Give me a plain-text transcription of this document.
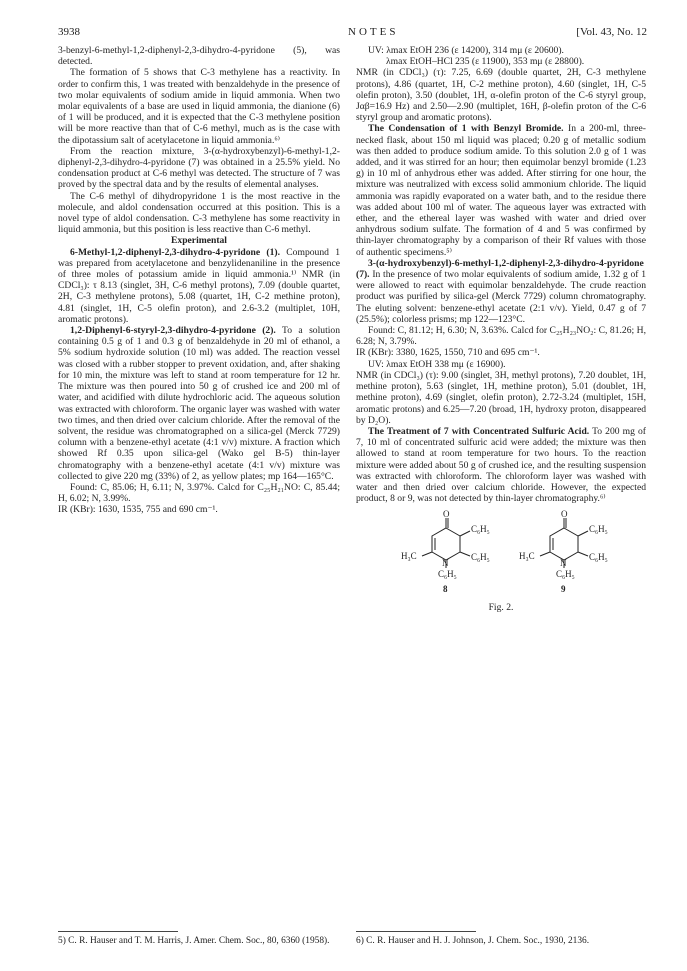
3938	NOTES	[Vol. 43, No. 12

3-benzyl-6-methyl-1,2-diphenyl-2,3-dihydro-4-pyridone (5), was detected.

The formation of 5 shows that C-3 methylene has a reactivity. In order to confirm this, 1 was treated with benzaldehyde in the presence of two molar equivalents of sodium amide in liquid ammonia. When two molar equivalents of a base are used in liquid ammonia, the dianione (6) of 1 will be produced, and it is expected that the C-3 methylene position will be more reactive than that of C-6 methyl, much as is the case with the dipotassium salt of acetylacetone in liquid ammonia.⁶⁾

From the reaction mixture, 3-(α-hydroxybenzyl)-6-methyl-1,2-diphenyl-2,3-dihydro-4-pyridone (7) was obtained in a 25.5% yield. No condensation product at C-6 methyl was detected. The structure of 7 was proved by the spectral data and by the results of elemental analyses.

The C-6 methyl of dihydropyridone 1 is the most reactive in the molecule, and aldol condensation occurred at this position. This is a novel type of aldol condensation. C-3 methylene has some reactivity in liquid ammonia, but this position is less reactive than C-6 methyl.

Experimental

6-Methyl-1,2-diphenyl-2,3-dihydro-4-pyridone (1). Compound 1 was prepared from acetylacetone and benzylidenaniline in the presence of three moles of potassium amide in liquid ammonia.¹⁾ NMR (in CDCl₃): τ 8.13 (singlet, 3H, C-6 methyl protons), 7.09 (double quartet, 2H, C-3 methylene protons), 5.08 (quartet, 1H, C-2 methine proton), 4.81 (singlet, 1H, C-5 olefin proton), and 2.6-3.2 (multiplet, 10H, aromatic protons).

1,2-Diphenyl-6-styryl-2,3-dihydro-4-pyridone (2). To a solution containing 0.5 g of 1 and 0.3 g of benzaldehyde in 20 ml of ethanol, a 5% sodium hydroxide solution (10 ml) was added. The reaction vessel was closed with a rubber stopper to prevent oxidation, and, after shaking for 10 min, the mixture was left to stand at room temperature for 12 hr. The mixture was then poured into 50 g of crushed ice and 200 ml of water, and acidified with dilute hydrochloric acid. The aqueous solution was extracted with chloroform. The organic layer was washed with water two times, and then dried over calcium chloride. After the removal of the solvent, the residue was chromatographed on a silica-gel (Merck 7729) column with a benzene-ethyl acetate (4:1 v/v) mixture. A fraction which showed Rf 0.35 upon silica-gel (Wako gel B-5) thin-layer chromatography with a benzene-ethyl acetate (4:1 v/v) mixture was collected to give 220 mg (33%) of 2, as yellow plates; mp 164—165°C.

Found: C, 85.06; H, 6.11; N, 3.97%. Calcd for C₂₅H₂₁NO: C, 85.44; H, 6.02; N, 3.99%.

IR (KBr): 1630, 1535, 755 and 690 cm⁻¹.

UV: λmax EtOH 236 (ε 14200), 314 mμ (ε 20600).

λmax EtOH–HCl 235 (ε 11900), 353 mμ (ε 28800).

NMR (in CDCl₃) (τ): 7.25, 6.69 (double quartet, 2H, C-3 methylene protons), 4.86 (quartet, 1H, C-2 methine proton), 4.60 (singlet, 1H, C-5 olefin proton), 3.50 (doublet, 1H, α-olefin proton of the C-6 styryl group, Jαβ=16.9 Hz) and 2.50—2.90 (multiplet, 16H, β-olefin proton of the C-6 styryl group and aromatic protons).

The Condensation of 1 with Benzyl Bromide. In a 200-ml, three-necked flask, about 150 ml liquid was placed; 0.20 g of metallic sodium was then added to produce sodium amide. To this solution 2.0 g of 1 was added, and it was stirred for an hour; then equimolar benzyl bromide (1.23 g) in 10 ml of anhydrous ether was added. After stirring for one hour, the mixture was neutralized with excess solid ammonium chloride. The liquid ammonia was rapidly evaporated on a water bath, and to the residue there was added about 100 ml of water. The aqueous layer was extracted with ether, and the ethereal layer was washed with water and dried over anhydrous sodium sulfate. The formation of 4 and 5 was confirmed by thin-layer chromatography by a comparison of their Rf values with those of authentic specimens.⁵⁾

3-(α-hydroxybenzyl)-6-methyl-1,2-diphenyl-2,3-dihydro-4-pyridone (7). In the presence of two molar equivalents of sodium amide, 1.32 g of 1 were allowed to react with equimolar benzaldehyde. The crude reaction product was purified by silica-gel (Merck 7729) column chromatography. The eluting solvent: benzene-ethyl acetate (2:1 v/v). Yield, 0.47 g of 7 (25.5%); colorless prisms; mp 122—123°C.

Found: C, 81.12; H, 6.30; N, 3.63%. Calcd for C₂₅H₂₃NO₂: C, 81.26; H, 6.28; N, 3.79%.

IR (KBr): 3380, 1625, 1550, 710 and 695 cm⁻¹.

UV: λmax EtOH 338 mμ (ε 16900).

NMR (in CDCl₃) (τ): 9.00 (singlet, 3H, methyl protons), 7.20 doublet, 1H, methine proton), 5.63 (singlet, 1H, methine proton), 5.01 (doublet, 1H, methine proton), 4.69 (singlet, olefin proton), 2.72-3.24 (multiplet, 15H, aromatic protons) and 6.25—7.20 (broad, 1H, hydroxy proton, disappeared by D₂O).

The Treatment of 7 with Concentrated Sulfuric Acid. To 200 mg of 7, 10 ml of concentrated sulfuric acid were added; the mixture was then allowed to stand at room temperature for two hours. To the reaction mixture were added about 50 g of crushed ice, and the resulting suspension was extracted with chloroform. The chloroform layer was washed with water and then dried over calcium chloride. However, the expected product, 8 or 9, was not detected by thin-layer chromatography.⁶⁾

O
C₆H₅
H₃C
N
C₆H₅
C₆H₅
8
O
C₆H₅
H₃C
N
C₆H₅
C₆H₅
9
Fig. 2.
5) C. R. Hauser and T. M. Harris, J. Amer. Chem. Soc., 80, 6360 (1958).	6) C. R. Hauser and H. J. Johnson, J. Chem. Soc., 1930, 2136.
